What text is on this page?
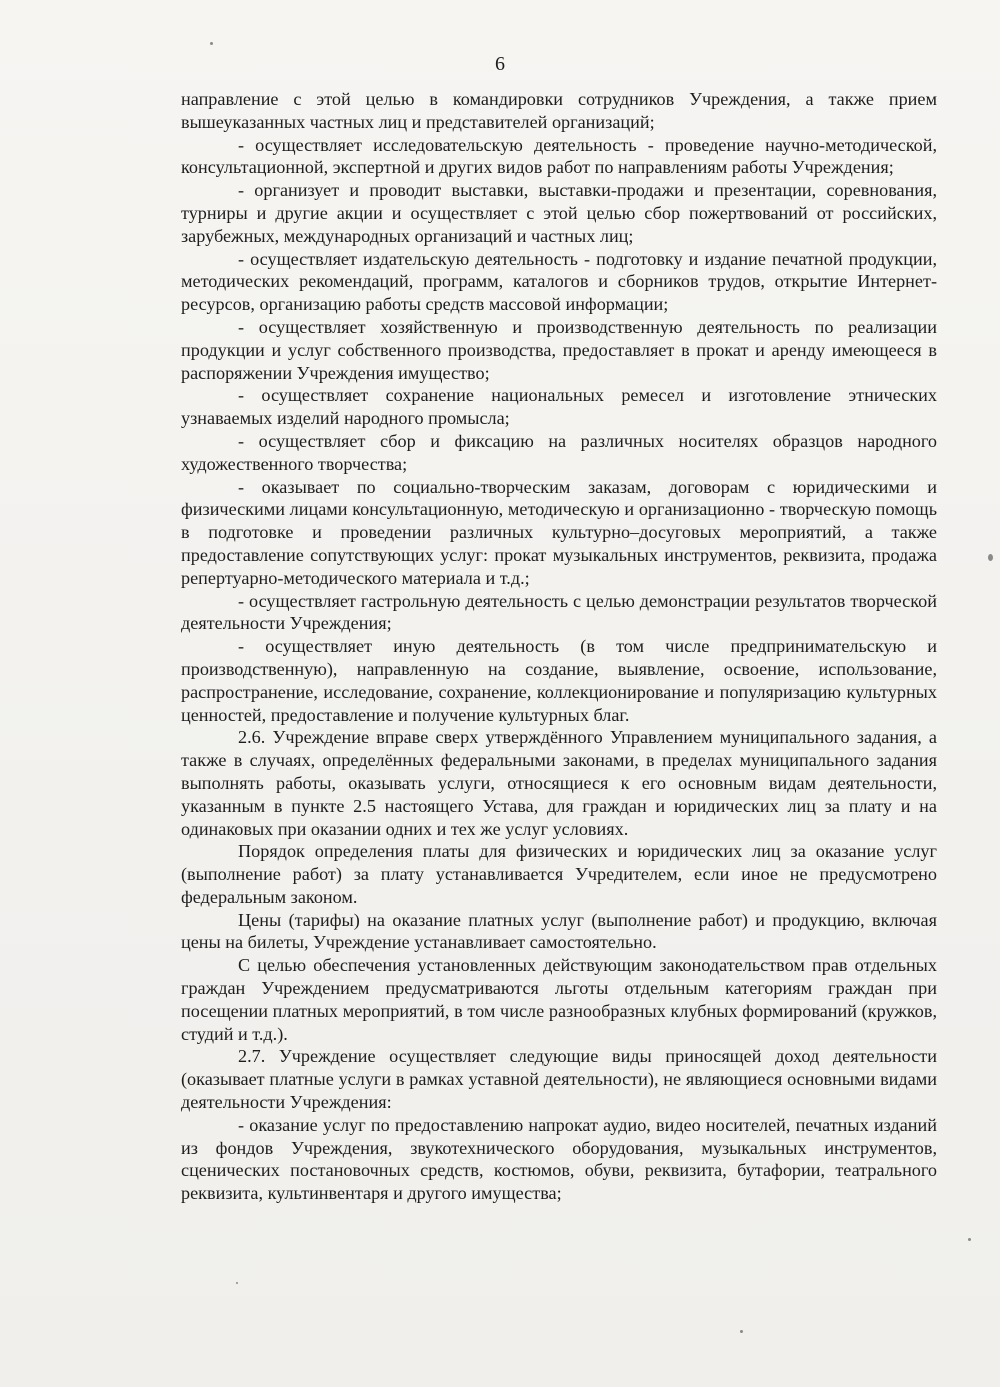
6

направление с этой целью в командировки сотрудников Учреждения, а также прием вышеуказанных частных лиц и представителей организаций;

- осуществляет исследовательскую деятельность - проведение научно-методической, консультационной, экспертной и других видов работ по направлениям работы Учреждения;

- организует и проводит выставки, выставки-продажи и презентации, соревнования, турниры и другие акции и осуществляет с этой целью сбор пожертвований от российских, зарубежных, международных организаций и частных лиц;

- осуществляет издательскую деятельность - подготовку и издание печатной продукции, методических рекомендаций, программ, каталогов и сборников трудов, открытие Интернет-ресурсов, организацию работы средств массовой информации;

- осуществляет хозяйственную и производственную деятельность по реализации продукции и услуг собственного производства, предоставляет в прокат и аренду имеющееся в распоряжении Учреждения имущество;

- осуществляет сохранение национальных ремесел и изготовление этнических узнаваемых изделий народного промысла;

- осуществляет сбор и фиксацию на различных носителях образцов народного художественного творчества;

- оказывает по социально-творческим заказам, договорам с юридическими и физическими лицами консультационную, методическую и организационно - творческую помощь в подготовке и проведении различных культурно–досуговых мероприятий, а также предоставление сопутствующих услуг: прокат музыкальных инструментов, реквизита, продажа репертуарно-методического материала и т.д.;

- осуществляет гастрольную деятельность с целью демонстрации результатов творческой деятельности Учреждения;

- осуществляет иную деятельность (в том числе предпринимательскую и производственную), направленную на создание, выявление, освоение, использование, распространение, исследование, сохранение, коллекционирование и популяризацию культурных ценностей, предоставление и получение культурных благ.

2.6. Учреждение вправе сверх утверждённого Управлением муниципального задания, а также в случаях, определённых федеральными законами, в пределах муниципального задания выполнять работы, оказывать услуги, относящиеся к его основным видам деятельности, указанным в пункте 2.5 настоящего Устава, для граждан и юридических лиц за плату и на одинаковых при оказании одних и тех же услуг условиях.

Порядок определения платы для физических и юридических лиц за оказание услуг (выполнение работ) за плату устанавливается Учредителем, если иное не предусмотрено федеральным законом.

Цены (тарифы) на оказание платных услуг (выполнение работ) и продукцию, включая цены на билеты, Учреждение устанавливает самостоятельно.

С целью обеспечения установленных действующим законодательством прав отдельных граждан Учреждением предусматриваются льготы отдельным категориям граждан при посещении платных мероприятий, в том числе разнообразных клубных формирований (кружков, студий и т.д.).

2.7. Учреждение осуществляет следующие виды приносящей доход деятельности (оказывает платные услуги в рамках уставной деятельности), не являющиеся основными видами деятельности Учреждения:

- оказание услуг по предоставлению напрокат аудио, видео носителей, печатных изданий из фондов Учреждения, звукотехнического оборудования, музыкальных инструментов, сценических постановочных средств, костюмов, обуви, реквизита, бутафории, театрального реквизита, культинвентаря и другого имущества;
